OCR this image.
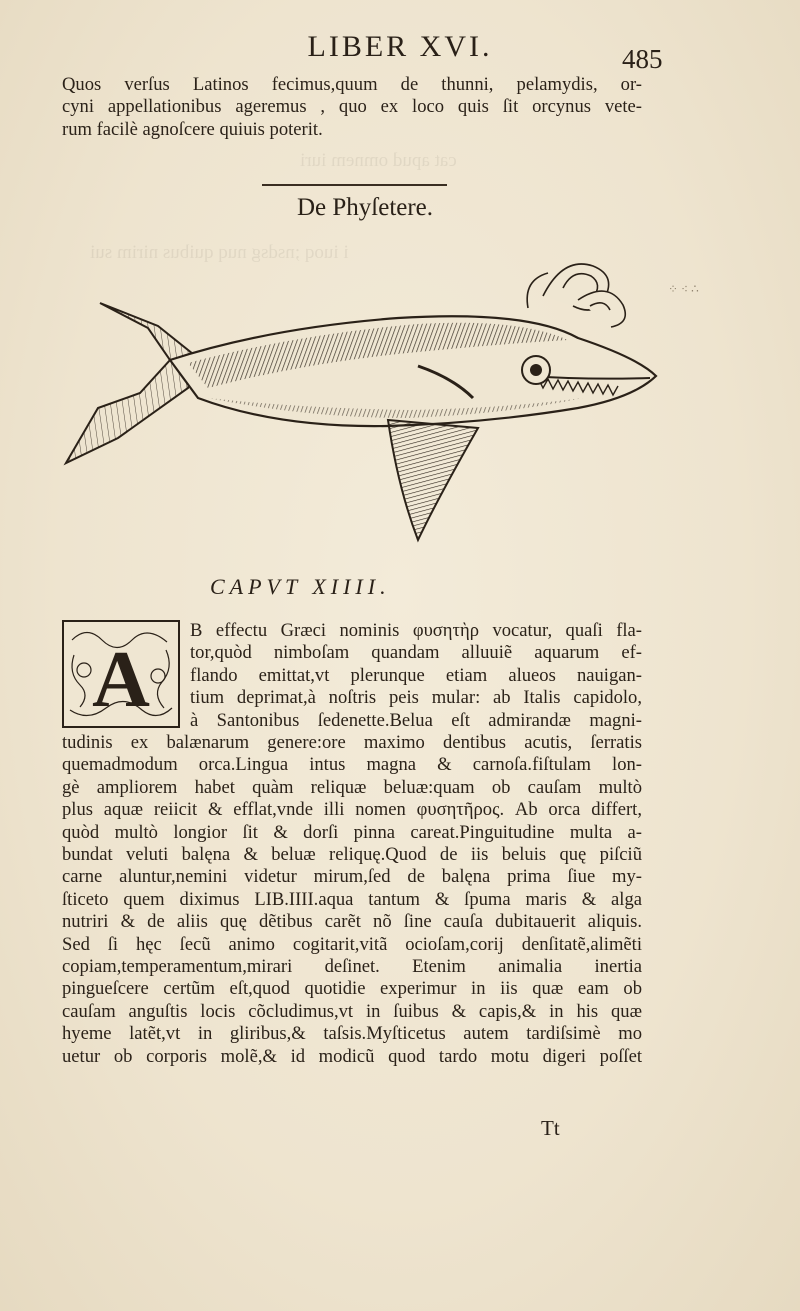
cat apud omnem iuri
i iuoq ;nsdsg nuq quibus nirim sui
LIBER XVI.	485
Quos verſus Latinos fecimus,quum de thunni, pelamydis, or-
cyni appellationibus ageremus , quo ex loco quis ſit orcynus vete-
rum facilè agnoſcere quiuis poterit.
De Phyſetere.
⁘ ⁖ ∴
CAPVT XIIII.
A
B effectu Græci nominis φυσητὴρ vocatur, quaſi fla-
tor,quòd nimboſam quandam alluuiẽ aquarum ef-
flando emittat,vt plerunque etiam alueos nauigan-
tium deprimat,à noſtris peis mular: ab Italis capidolo,
à Santonibus ſedenette.Belua eſt admirandæ magni-
tudinis ex balænarum genere:ore maximo dentibus acutis, ſerratis
quemadmodum orca.Lingua intus magna & carnoſa.fiſtulam lon-
gè ampliorem habet quàm reliquæ beluæ:quam ob cauſam multò
plus aquæ reiicit & efflat,vnde illi nomen φυσητῆρος. Ab orca differt,
quòd multò longior ſit & dorſi pinna careat.Pinguitudine multa a-
bundat veluti balęna & beluæ reliquę.Quod de iis beluis quę piſciũ
carne aluntur,nemini videtur mirum,ſed de balęna prima ſiue my-
ſticeto quem diximus LIB.IIII.aqua tantum & ſpuma maris & alga
nutriri & de aliis quę dẽtibus carẽt nõ ſine cauſa dubitauerit aliquis.
Sed ſi hęc ſecũ animo cogitarit,vitã ocioſam,corij denſitatẽ,alimẽti
copiam,temperamentum,mirari deſinet. Etenim animalia inertia
pingueſcere certũm eſt,quod quotidie experimur in iis quæ eam ob
cauſam anguſtis locis cõcludimus,vt in ſuibus & capis,& in his quæ
hyeme latẽt,vt in gliribus,& taſsis.Myſticetus autem tardiſsimè mo
uetur ob corporis molẽ,& id modicũ quod tardo motu digeri poſſet
Tt
